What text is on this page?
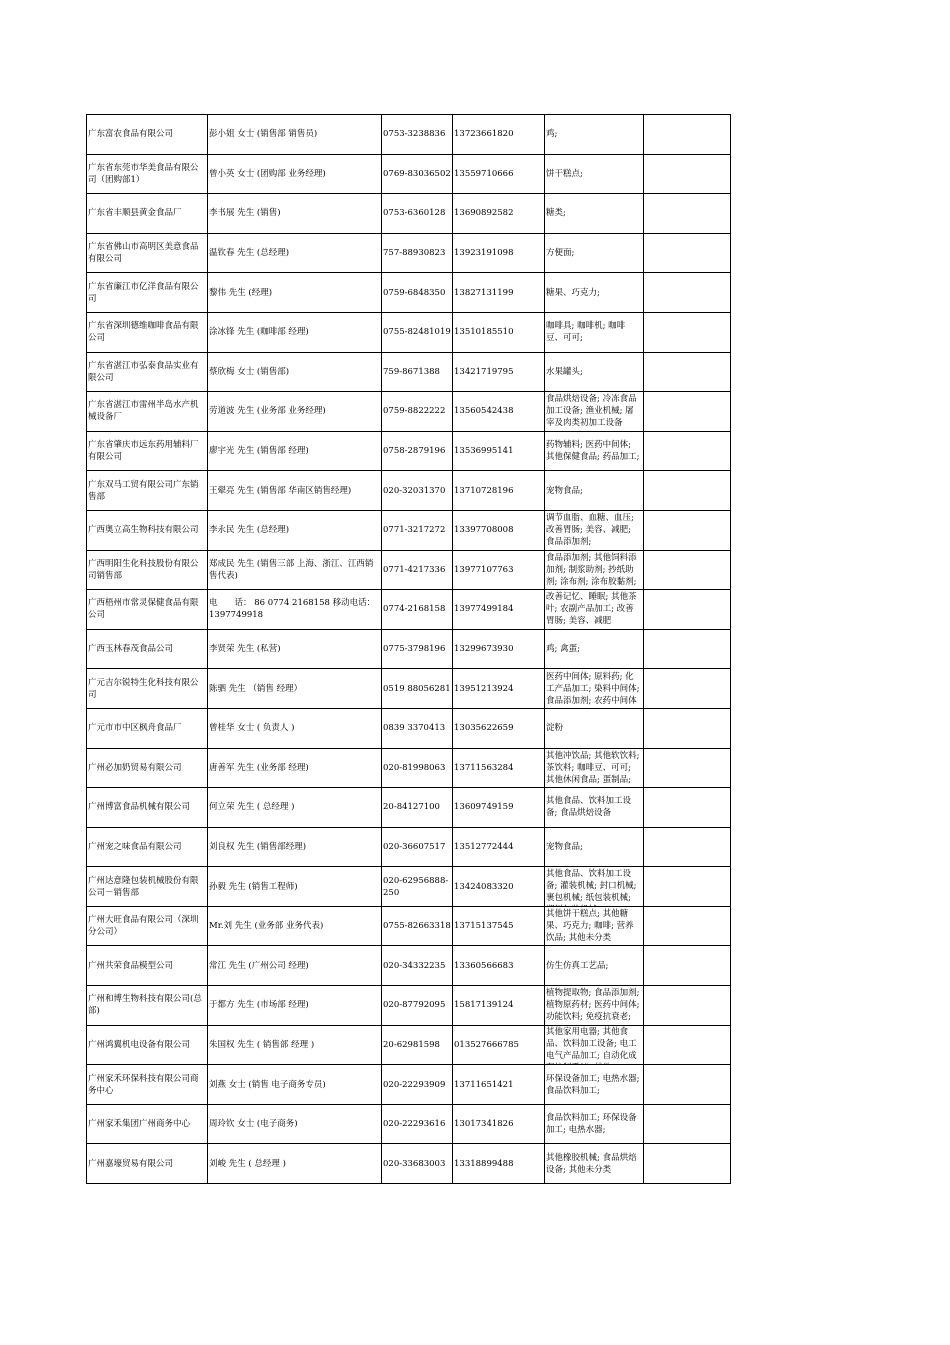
广东富农食品有限公司	彭小姐 女士 (销售部 销售员)	0753-3238836	13723661820	鸡;	

广东省东莞市华美食品有限公司（团购部1）	曾小英 女士 (团购部 业务经理)	0769-83036502	13559710666	饼干糕点;	

广东省丰顺县黄金食品厂	李书展 先生 (销售)	0753-6360128	13690892582	糖类;	

广东省佛山市高明区美意食品有限公司	温钦春 先生 (总经理)	757-88930823	13923191098	方便面;	

广东省廉江市亿洋食品有限公司	黎伟 先生 (经理)	0759-6848350	13827131199	糖果、巧克力;	

广东省深圳德维咖啡食品有限公司	涂冰锋 先生 (咖啡部 经理)	0755-82481019	13510185510	咖啡具; 咖啡机; 咖啡豆、可可;	

广东省湛江市弘泰食品实业有限公司	蔡欣梅 女士 (销售部)	759-8671388	13421719795	水果罐头;	

广东省湛江市雷州半岛水产机械设备厂	劳道波 先生 (业务部 业务经理)	0759-8822222	13560542438	食品烘焙设备; 冷冻食品加工设备; 渔业机械; 屠宰及肉类初加工设备	

广东省肇庆市远东药用辅料厂有限公司	廖宇光 先生 (销售部 经理)	0758-2879196	13536995141	药物辅料; 医药中间体; 其他保健食品; 药品加工;	

广东双马工贸有限公司广东销售部	王翚亮 先生 (销售部 华南区销售经理)	020-32031370	13710728196	宠物食品;	

广西奥立高生物科技有限公司	李永民 先生 (总经理)	0771-3217272	13397708008	调节血脂、血糖、血压; 改善胃肠; 美容、减肥; 食品添加剂;	

广西明阳生化科技股份有限公司销售部	郑成民 先生 (销售三部 上海、浙江、江西销售代表)	0771-4217336	13977107763	食品添加剂; 其他饲料添加剂; 制浆助剂; 抄纸助剂; 涂布剂; 涂布胶黏剂;	

广西梧州市常灵保健食品有限公司	电　　话： 86 0774 2168158 移动电话：1397749918	0774-2168158	13977499184	改善记忆、睡眠; 其他茶叶; 农副产品加工; 改善胃肠; 美容、减肥	

广西玉林春茂食品公司	李贤荣 先生 (私营)	0775-3798196	13299673930	鸡; 禽蛋;	

广元吉尔锐特生化科技有限公司	陈驷 先生 （销售 经理）	0519 88056281	13951213924	医药中间体; 原料药; 化工产品加工; 染料中间体; 食品添加剂; 农药中间体	

广元市市中区枫舟食品厂	曾桂华 女士 ( 负责人 )	0839 3370413	13035622659	淀粉	

广州必加奶贸易有限公司	唐善军 先生 (业务部 经理)	020-81998063	13711563284	其他冲饮品; 其他软饮料; 茶饮料; 咖啡豆、可可; 其他休闲食品; 蛋制品;	

广州博富食品机械有限公司	何立荣 先生 ( 总经理 )	20-84127100	13609749159	其他食品、饮料加工设备; 食品烘焙设备	

广州宠之味食品有限公司	刘良权 先生 (销售部经理)	020-36607517	13512772444	宠物食品;	

广州达意隆包装机械股份有限公司－销售部	孙毅 先生 (销售工程师)	020-62956888-250	13424083320	其他食品、饮料加工设备; 灌装机械; 封口机械; 裹包机械; 纸包装机械;	

广州大旺食品有限公司（深圳分公司）	Mr.刘 先生 (业务部 业务代表)	0755-82663318	13715137545	其他饼干糕点; 其他糖果、巧克力; 咖啡; 营养饮品; 其他未分类	

广州共荣食品模型公司	常江 先生 (广州公司 经理)	020-34332235	13360566683	仿生仿真工艺品;	

广州和博生物科技有限公司(总部)	于都方 先生 (市场部 经理)	020-87792095	15817139124	植物提取物; 食品添加剂; 植物原药材; 医药中间体; 功能饮料; 免疫抗衰老;	

广州鸿翼机电设备有限公司	朱国权 先生 ( 销售部 经理 )	20-62981598	013527666785	其他家用电器; 其他食品、饮料加工设备; 电工电气产品加工; 自动化成	

广州家禾环保科技有限公司商务中心	刘燕 女士 (销售 电子商务专员)	020-22293909	13711651421	环保设备加工; 电热水器; 食品饮料加工;	

广州家禾集团广州商务中心	周玲钦 女士 (电子商务)	020-22293616	13017341826	食品饮料加工; 环保设备加工; 电热水器;	

广州嘉壕贸易有限公司	刘峻 先生 ( 总经理 )	020-33683003	13318899488	其他橡胶机械; 食品烘焙设备; 其他未分类	
